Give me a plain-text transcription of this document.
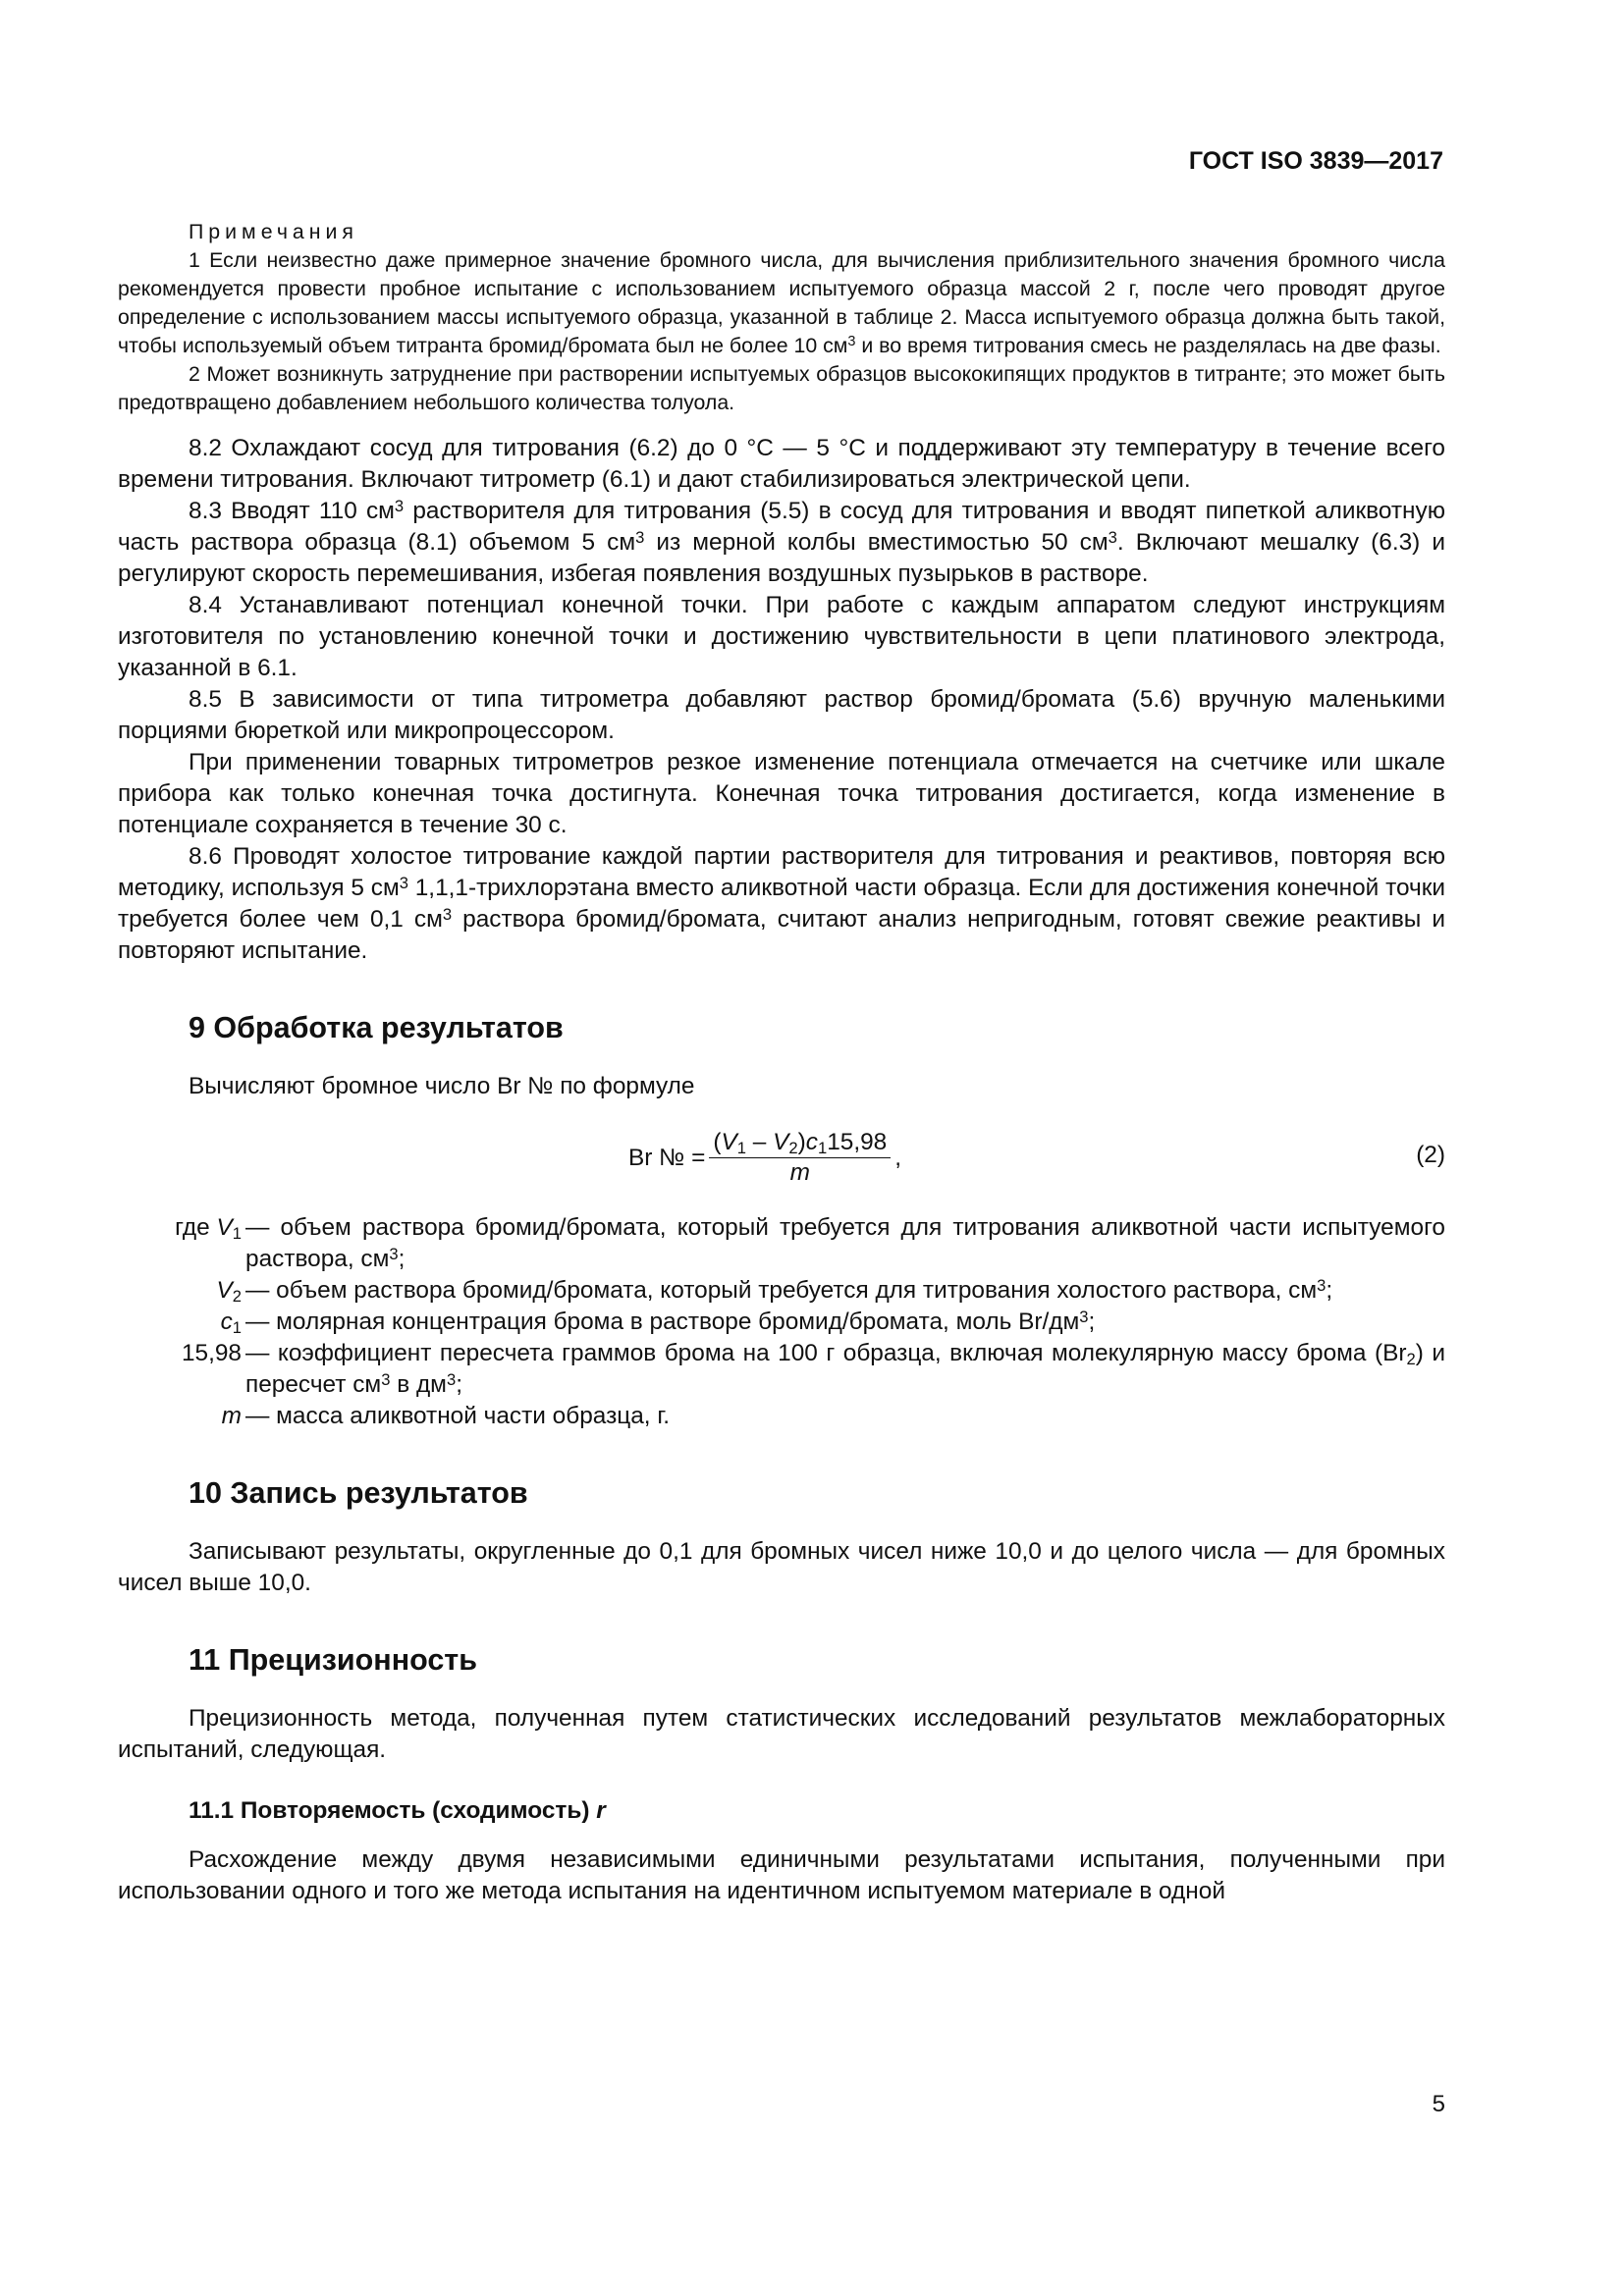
ГОСТ ISO 3839—2017

Примечания

1 Если неизвестно даже примерное значение бромного числа, для вычисления приблизительного значения бромного числа рекомендуется провести пробное испытание с использованием испытуемого образца массой 2 г, после чего проводят другое определение с использованием массы испытуемого образца, указанной в таблице 2. Масса испытуемого образца должна быть такой, чтобы используемый объем титранта бромид/бромата был не более 10 $см^3$ и во время титрования смесь не разделялась на две фазы.

2 Может возникнуть затруднение при растворении испытуемых образцов высококипящих продуктов в титранте; это может быть предотвращено добавлением небольшого количества толуола.

8.2 Охлаждают сосуд для титрования (6.2) до 0 °С — 5 °С и поддерживают эту температуру в течение всего времени титрования. Включают титрометр (6.1) и дают стабилизироваться электрической цепи.

8.3 Вводят 110 $см^3$ растворителя для титрования (5.5) в сосуд для титрования и вводят пипеткой аликвотную часть раствора образца (8.1) объемом 5 $см^3$ из мерной колбы вместимостью 50 $см^3$. Включают мешалку (6.3) и регулируют скорость перемешивания, избегая появления воздушных пузырьков в растворе.

8.4 Устанавливают потенциал конечной точки. При работе с каждым аппаратом следуют инструкциям изготовителя по установлению конечной точки и достижению чувствительности в цепи платинового электрода, указанной в 6.1.

8.5 В зависимости от типа титрометра добавляют раствор бромид/бромата (5.6) вручную маленькими порциями бюреткой или микропроцессором.

При применении товарных титрометров резкое изменение потенциала отмечается на счетчике или шкале прибора как только конечная точка достигнута. Конечная точка титрования достигается, когда изменение в потенциале сохраняется в течение 30 с.

8.6 Проводят холостое титрование каждой партии растворителя для титрования и реактивов, повторяя всю методику, используя 5 $см^3$ 1,1,1-трихлорэтана вместо аликвотной части образца. Если для достижения конечной точки требуется более чем 0,1 $см^3$ раствора бромид/бромата, считают анализ непригодным, готовят свежие реактивы и повторяют испытание.

9 Обработка результатов

Вычисляют бромное число Br № по формуле

Br № = $\frac{(V_1 - V_2)c_115,98}{m}$ ,	(2)
где $V_1$ — объем раствора бромид/бромата, который требуется для титрования аликвотной части испытуемого раствора, $см^3$;
$V_2$ — объем раствора бромид/бромата, который требуется для титрования холостого раствора, $см^3$;
$c_1$ — молярная концентрация брома в растворе бромид/бромата, моль $Br/дм^3$;
15,98 — коэффициент пересчета граммов брома на 100 г образца, включая молекулярную массу брома $(Br_2)$ и пересчет $см^3$ в $дм^3$;
m — масса аликвотной части образца, г.
10 Запись результатов

Записывают результаты, округленные до 0,1 для бромных чисел ниже 10,0 и до целого числа — для бромных чисел выше 10,0.

11 Прецизионность

Прецизионность метода, полученная путем статистических исследований результатов межлабораторных испытаний, следующая.

11.1 Повторяемость (сходимость) r

Расхождение между двумя независимыми единичными результатами испытания, полученными при использовании одного и того же метода испытания на идентичном испытуемом материале в одной

5
